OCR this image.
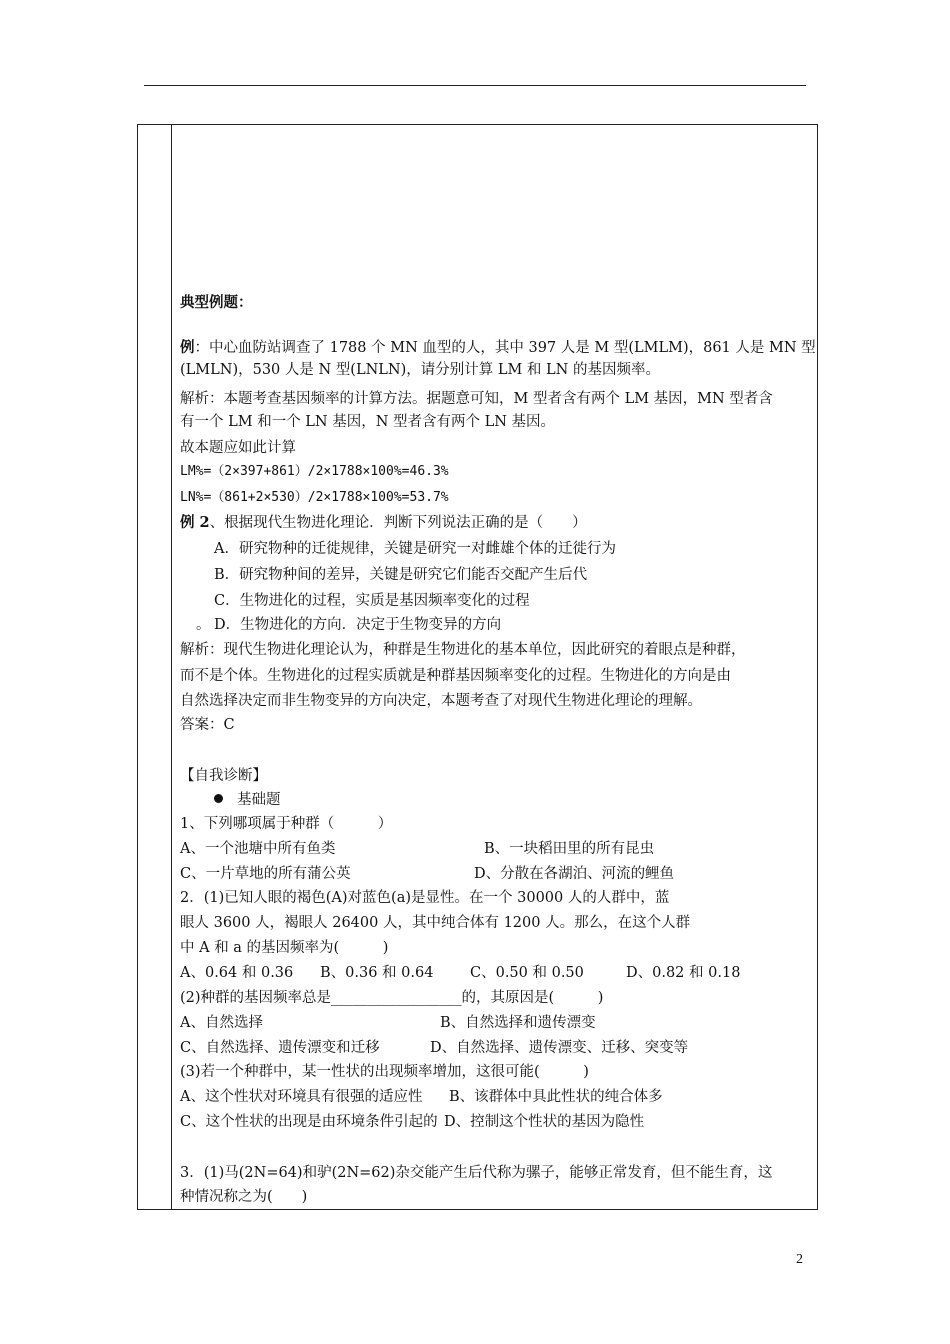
典型例题：
例：中心血防站调查了 1788 个 MN 血型的人，其中 397 人是 M 型(LMLM)，861 人是 MN 型
(LMLN)，530 人是 N 型(LNLN)，请分别计算 LM 和 LN 的基因频率。
解析：本题考查基因频率的计算方法。据题意可知，M 型者含有两个 LM 基因，MN 型者含
有一个 LM 和一个 LN 基因，N 型者含有两个 LN 基因。
故本题应如此计算
LM%=（2×397+861）/2×1788×100%=46.3%
LN%=（861+2×530）/2×1788×100%=53.7%
例 2、根据现代生物进化理论．判断下列说法正确的是（　　）
A．研究物种的迁徙规律，关键是研究一对雌雄个体的迁徙行为
B．研究物种间的差异，关键是研究它们能否交配产生后代
C．生物进化的过程，实质是基因频率变化的过程
。 D．生物进化的方向．决定于生物变异的方向
解析：现代生物进化理论认为，种群是生物进化的基本单位，因此研究的着眼点是种群，
而不是个体。生物进化的过程实质就是种群基因频率变化的过程。生物进化的方向是由
自然选择决定而非生物变异的方向决定，本题考查了对现代生物进化理论的理解。
答案：C
【自我诊断】
基础题
1、下列哪项属于种群（　　　）
A、一个池塘中所有鱼类	B、一块稻田里的所有昆虫
C、一片草地的所有蒲公英	D、分散在各湖泊、河流的鲤鱼
2．(1)已知人眼的褐色(A)对蓝色(a)是显性。在一个 30000 人的人群中，蓝
眼人 3600 人，褐眼人 26400 人，其中纯合体有 1200 人。那么，在这个人群
中 A 和 a 的基因频率为(　　　)
A、0.64 和 0.36 B、0.36 和 0.64	C、0.50 和 0.50	D、0.82 和 0.18
(2)种群的基因频率总是__________________的，其原因是(　　　)
A、自然选择	B、自然选择和遗传漂变
C、自然选择、遗传漂变和迁移	D、自然选择、遗传漂变、迁移、突变等
(3)若一个种群中，某一性状的出现频率增加，这很可能(　　　)
A、这个性状对环境具有很强的适应性 B、该群体中具此性状的纯合体多
C、这个性状的出现是由环境条件引起的 D、控制这个性状的基因为隐性
3．(1)马(2N=64)和驴(2N=62)杂交能产生后代称为骡子，能够正常发育，但不能生育，这
种情况称之为(　　)
2
